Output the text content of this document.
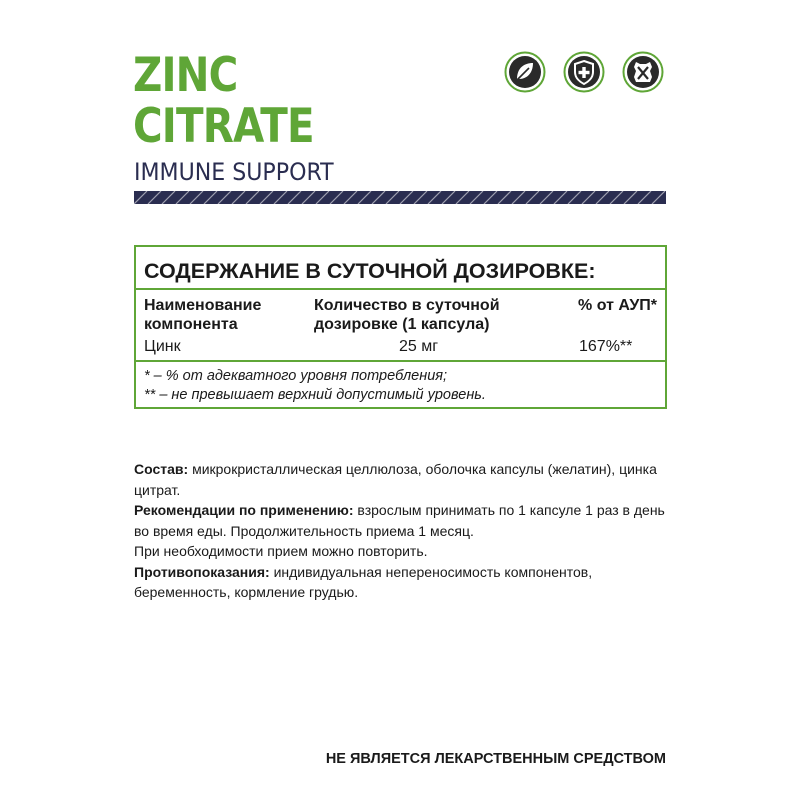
ZINC
CITRATE
IMMUNE SUPPORT
СОДЕРЖАНИЕ В СУТОЧНОЙ ДОЗИРОВКЕ:
Наименование
компонента
Количество в суточной
дозировке (1 капсула)
% от АУП*
Цинк	25 мг	167%**
* – % от адекватного уровня потребления;
** – не превышает верхний допустимый уровень.
Состав: микрокристаллическая целлюлоза, оболочка капсулы (желатин), цинка цитрат.
Рекомендации по применению: взрослым принимать по 1 капсуле 1 раз в день во время еды. Продолжительность приема 1 месяц.
При необходимости прием можно повторить.
Противопоказания: индивидуальная непереносимость компонентов, беременность, кормление грудью.
НЕ ЯВЛЯЕТСЯ ЛЕКАРСТВЕННЫМ СРЕДСТВОМ
